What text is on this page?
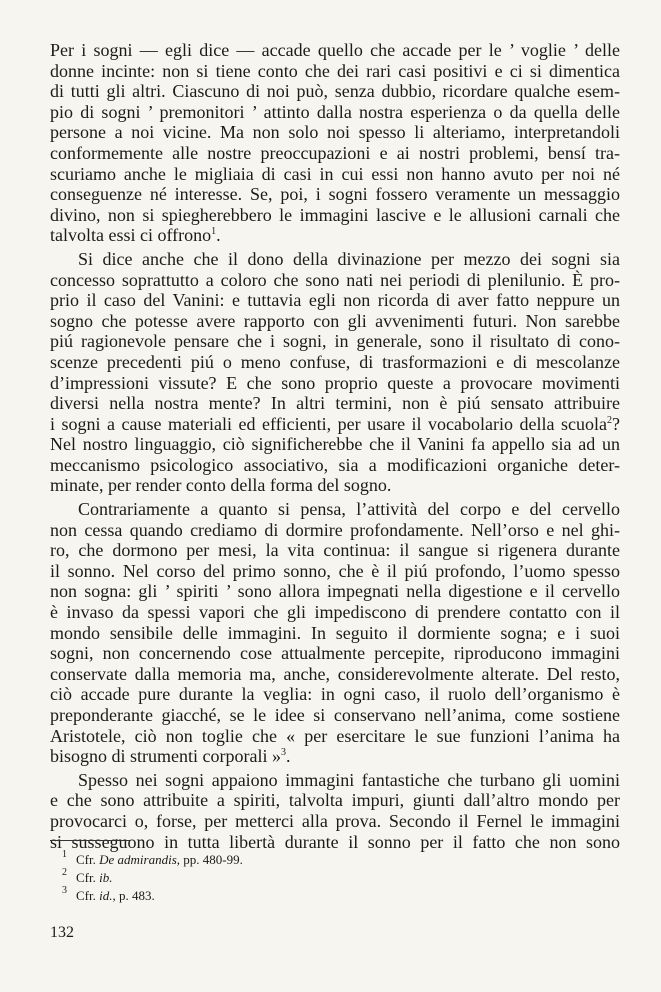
Per i sogni — egli dice — accade quello che accade per le ’ voglie ’ delle
donne incinte: non si tiene conto che dei rari casi positivi e ci si dimentica
di tutti gli altri. Ciascuno di noi può, senza dubbio, ricordare qualche esem-
pio di sogni ’ premonitori ’ attinto dalla nostra esperienza o da quella delle
persone a noi vicine. Ma non solo noi spesso li alteriamo, interpretandoli
conformemente alle nostre preoccupazioni e ai nostri problemi, bensí tra-
scuriamo anche le migliaia di casi in cui essi non hanno avuto per noi né
conseguenze né interesse. Se, poi, i sogni fossero veramente un messaggio
divino, non si spiegherebbero le immagini lascive e le allusioni carnali che
talvolta essi ci offrono$^1$.
Si dice anche che il dono della divinazione per mezzo dei sogni sia
concesso soprattutto a coloro che sono nati nei periodi di plenilunio. È pro-
prio il caso del Vanini: e tuttavia egli non ricorda di aver fatto neppure un
sogno che potesse avere rapporto con gli avvenimenti futuri. Non sarebbe
piú ragionevole pensare che i sogni, in generale, sono il risultato di cono-
scenze precedenti piú o meno confuse, di trasformazioni e di mescolanze
d’impressioni vissute? E che sono proprio queste a provocare movimenti
diversi nella nostra mente? In altri termini, non è piú sensato attribuire
i sogni a cause materiali ed efficienti, per usare il vocabolario della scuola$^2$?
Nel nostro linguaggio, ciò significherebbe che il Vanini fa appello sia ad un
meccanismo psicologico associativo, sia a modificazioni organiche deter-
minate, per render conto della forma del sogno.
Contrariamente a quanto si pensa, l’attività del corpo e del cervello
non cessa quando crediamo di dormire profondamente. Nell’orso e nel ghi-
ro, che dormono per mesi, la vita continua: il sangue si rigenera durante
il sonno. Nel corso del primo sonno, che è il piú profondo, l’uomo spesso
non sogna: gli ’ spiriti ’ sono allora impegnati nella digestione e il cervello
è invaso da spessi vapori che gli impediscono di prendere contatto con il
mondo sensibile delle immagini. In seguito il dormiente sogna; e i suoi
sogni, non concernendo cose attualmente percepite, riproducono immagini
conservate dalla memoria ma, anche, considerevolmente alterate. Del resto,
ciò accade pure durante la veglia: in ogni caso, il ruolo dell’organismo è
preponderante giacché, se le idee si conservano nell’anima, come sostiene
Aristotele, ciò non toglie che « per esercitare le sue funzioni l’anima ha
bisogno di strumenti corporali »$^3$.
Spesso nei sogni appaiono immagini fantastiche che turbano gli uomini
e che sono attribuite a spiriti, talvolta impuri, giunti dall’altro mondo per
provocarci o, forse, per metterci alla prova. Secondo il Fernel le immagini
si susseguono in tutta libertà durante il sonno per il fatto che non sono
$^1$ Cfr. De admirandis, pp. 480-99.
$^2$ Cfr. ib.
$^3$ Cfr. id., p. 483.
132
